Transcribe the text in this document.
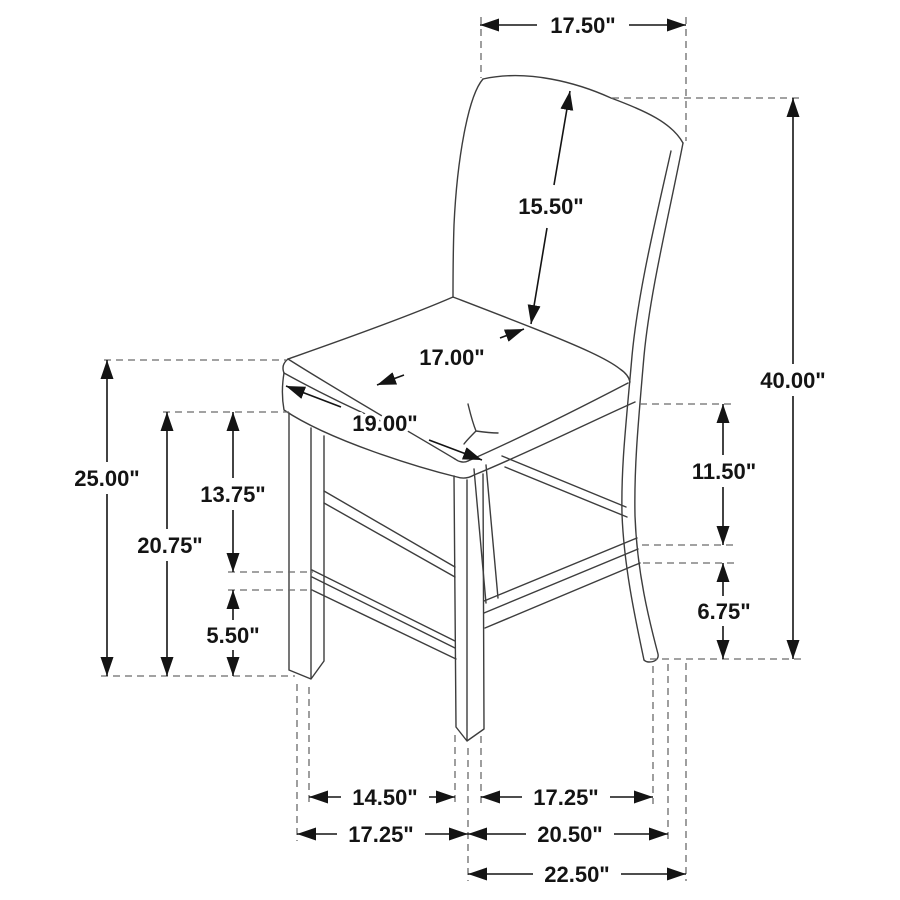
17.50"
15.50"
17.00"
19.00"
25.00"
20.75"
13.75"
5.50"
40.00"
11.50"
6.75"
14.50"	17.25"
17.25"	20.50"
22.50"
